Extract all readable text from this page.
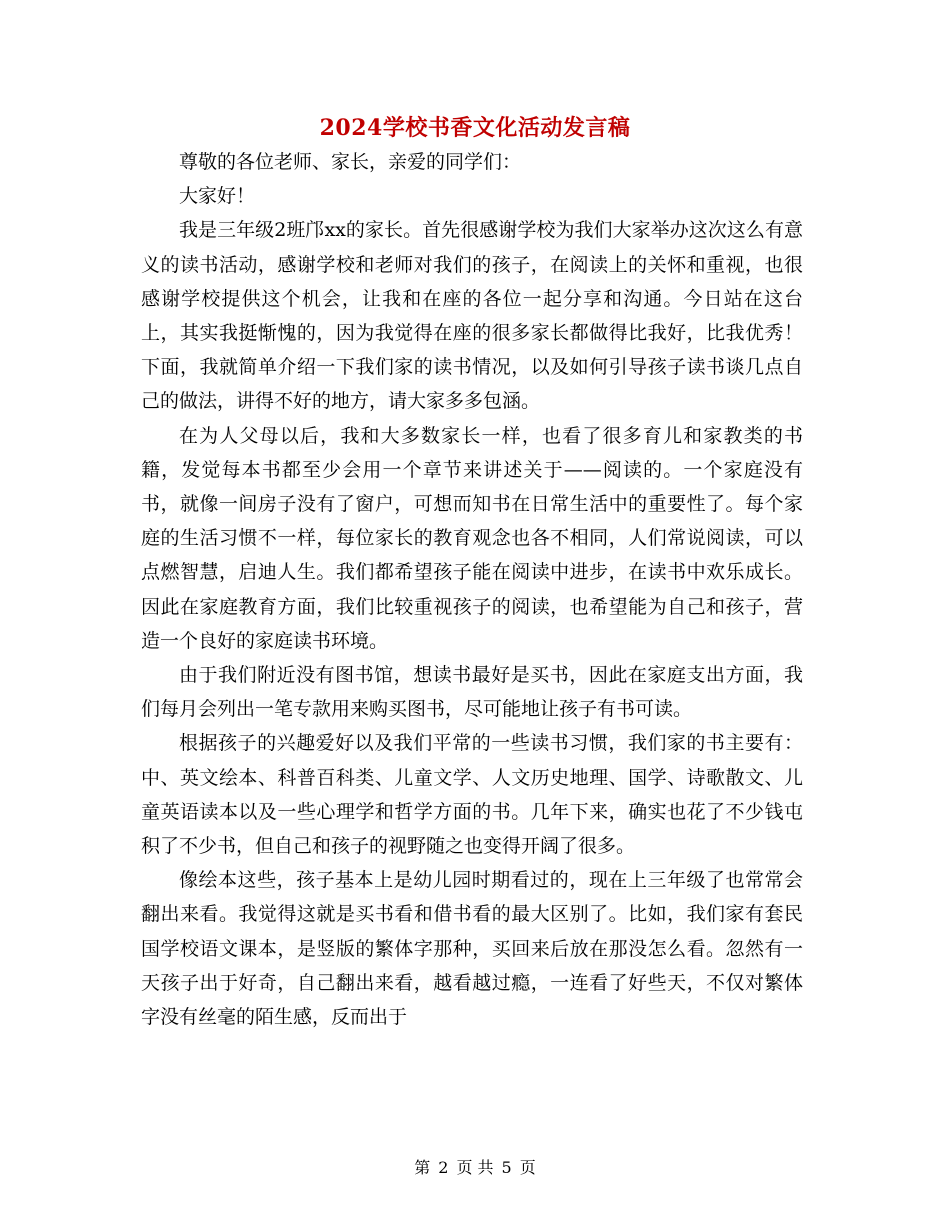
2024学校书香文化活动发言稿

尊敬的各位老师、家长，亲爱的同学们：

大家好！

我是三年级2班邝xx的家长。首先很感谢学校为我们大家举办这次这么有意义的读书活动，感谢学校和老师对我们的孩子，在阅读上的关怀和重视，也很感谢学校提供这个机会，让我和在座的各位一起分享和沟通。今日站在这台上，其实我挺惭愧的，因为我觉得在座的很多家长都做得比我好，比我优秀！下面，我就简单介绍一下我们家的读书情况，以及如何引导孩子读书谈几点自己的做法，讲得不好的地方，请大家多多包涵。

在为人父母以后，我和大多数家长一样，也看了很多育儿和家教类的书籍，发觉每本书都至少会用一个章节来讲述关于——阅读的。一个家庭没有书，就像一间房子没有了窗户，可想而知书在日常生活中的重要性了。每个家庭的生活习惯不一样，每位家长的教育观念也各不相同，人们常说阅读，可以点燃智慧，启迪人生。我们都希望孩子能在阅读中进步，在读书中欢乐成长。因此在家庭教育方面，我们比较重视孩子的阅读，也希望能为自己和孩子，营造一个良好的家庭读书环境。

由于我们附近没有图书馆，想读书最好是买书，因此在家庭支出方面，我们每月会列出一笔专款用来购买图书，尽可能地让孩子有书可读。

根据孩子的兴趣爱好以及我们平常的一些读书习惯，我们家的书主要有：中、英文绘本、科普百科类、儿童文学、人文历史地理、国学、诗歌散文、儿童英语读本以及一些心理学和哲学方面的书。几年下来，确实也花了不少钱屯积了不少书，但自己和孩子的视野随之也变得开阔了很多。

像绘本这些，孩子基本上是幼儿园时期看过的，现在上三年级了也常常会翻出来看。我觉得这就是买书看和借书看的最大区别了。比如，我们家有套民国学校语文课本，是竖版的繁体字那种，买回来后放在那没怎么看。忽然有一天孩子出于好奇，自己翻出来看，越看越过瘾，一连看了好些天，不仅对繁体字没有丝毫的陌生感，反而出于

第 2 页 共 5 页
